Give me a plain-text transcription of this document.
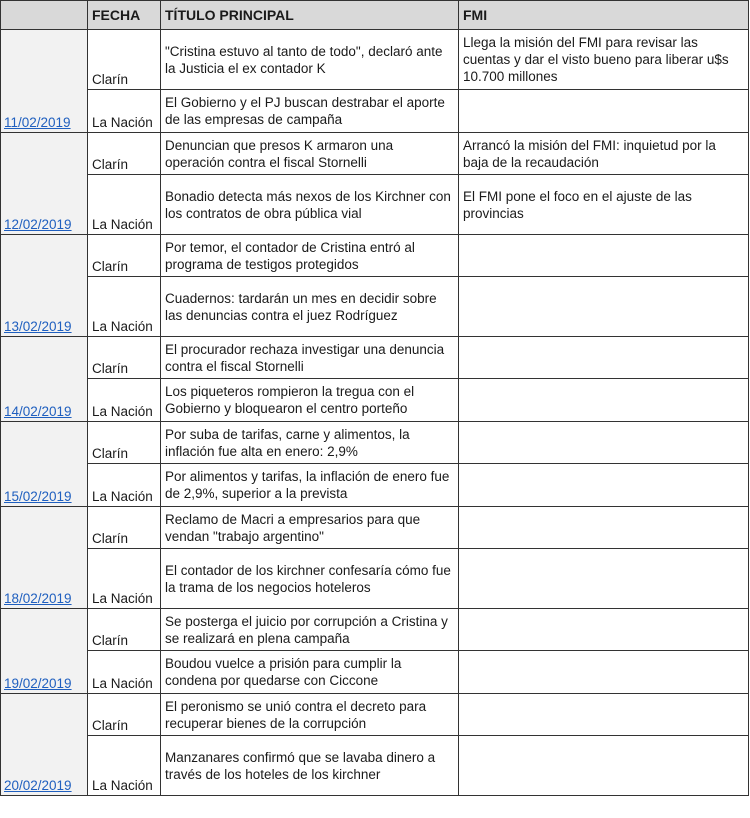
	FECHA	TÍTULO PRINCIPAL	FMI
11/02/2019	Clarín	"Cristina estuvo al tanto de todo", declaró ante la Justicia el ex contador K	Llega la misión del FMI para revisar las cuentas y dar el visto bueno para liberar u$s 10.700 millones
	La Nación	El Gobierno y el PJ buscan destrabar el aporte de las empresas de campaña	
12/02/2019	Clarín	Denuncian que presos K armaron una operación contra el fiscal Stornelli	Arrancó la misión del FMI: inquietud por la baja de la recaudación
	La Nación	Bonadio detecta más nexos de los Kirchner con los contratos de obra pública vial	El FMI pone el foco en el ajuste de las provincias
13/02/2019	Clarín	Por temor, el contador de Cristina entró al programa de testigos protegidos	
	La Nación	Cuadernos: tardarán un mes en decidir sobre las denuncias contra el juez Rodríguez	
14/02/2019	Clarín	El procurador rechaza investigar una denuncia contra el fiscal Stornelli	
	La Nación	Los piqueteros rompieron la tregua con el Gobierno y bloquearon el centro porteño	
15/02/2019	Clarín	Por suba de tarifas, carne y alimentos, la inflación fue alta en enero: 2,9%	
	La Nación	Por alimentos y tarifas, la inflación de enero fue de 2,9%, superior a la prevista	
18/02/2019	Clarín	Reclamo de Macri a empresarios para que vendan "trabajo argentino"	
	La Nación	El contador de los kirchner confesaría cómo fue la trama de los negocios hoteleros	
19/02/2019	Clarín	Se posterga el juicio por corrupción a Cristina y se realizará en plena campaña	
	La Nación	Boudou vuelce a prisión para cumplir la condena por quedarse con Ciccone	
20/02/2019	Clarín	El peronismo se unió contra el decreto para recuperar bienes de la corrupción	
	La Nación	Manzanares confirmó que se lavaba dinero a través de los hoteles de los kirchner	
